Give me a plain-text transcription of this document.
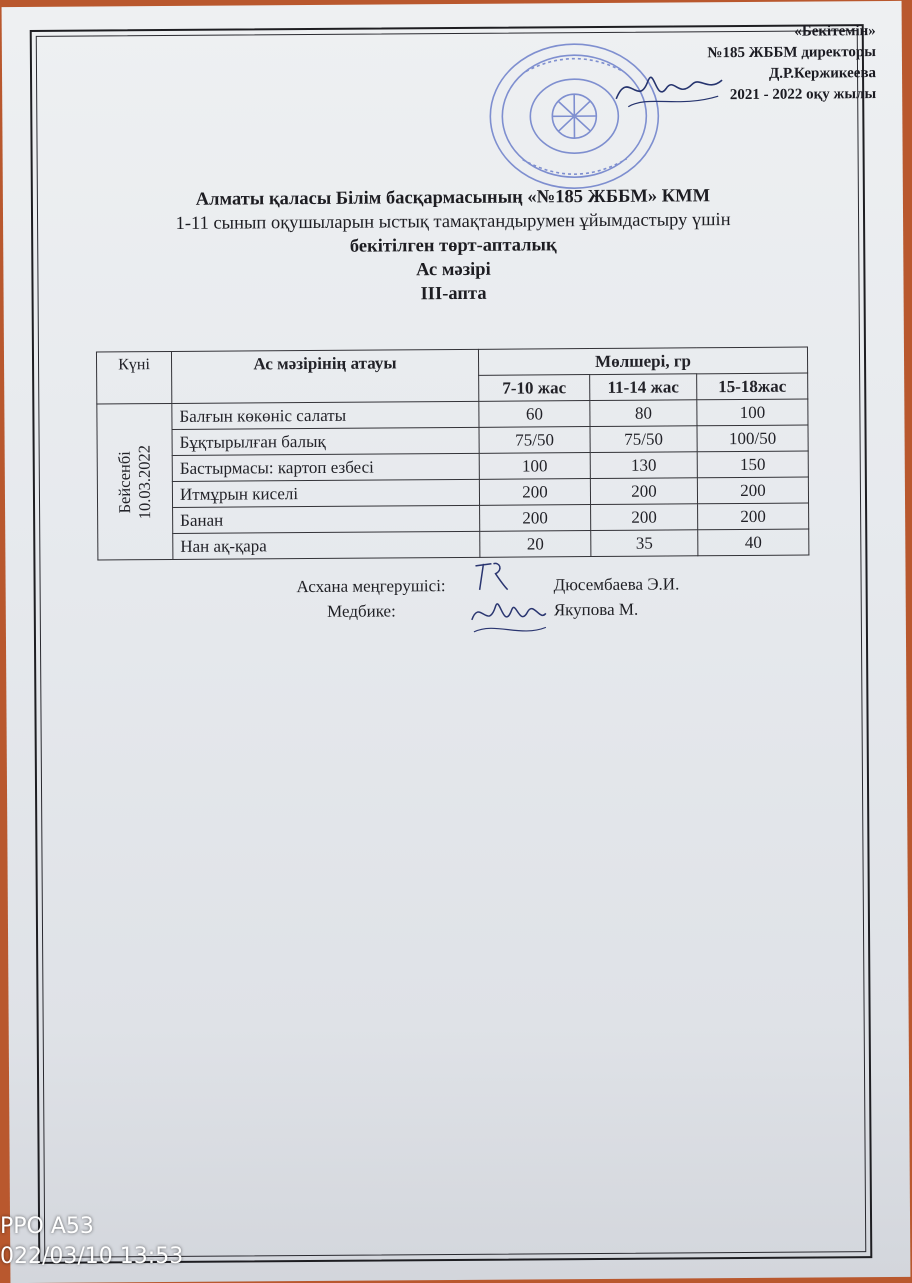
«Бекітемін»
№185 ЖББМ директоры
Д.Р.Кержикеева
2021 - 2022 оқу жылы
Алматы қаласы Білім басқармасының «№185 ЖББМ» КММ
1-11 сынып оқушыларын ыстық тамақтандырумен ұйымдастыру үшін
бекітілген төрт-апталық
Ас мәзірі
ІІІ-апта
Күні	Ас мәзірінің атауы	Мөлшері, гр		
		7-10 жас	11-14 жас	15-18жас

Бейсенбі 10.03.2022	Балғын көкөніс салаты	60	80	100
	Бұқтырылған балық	75/50	75/50	100/50
	Бастырмасы: картоп езбесі	100	130	150
	Итмұрын киселі	200	200	200
	Банан	200	200	200
	Нан ақ-қара	20	35	40
Асхана меңгерушісі:	Дюсембаева Э.И.
Медбике:	Якупова М.
PPO A53
022/03/10 13:53
